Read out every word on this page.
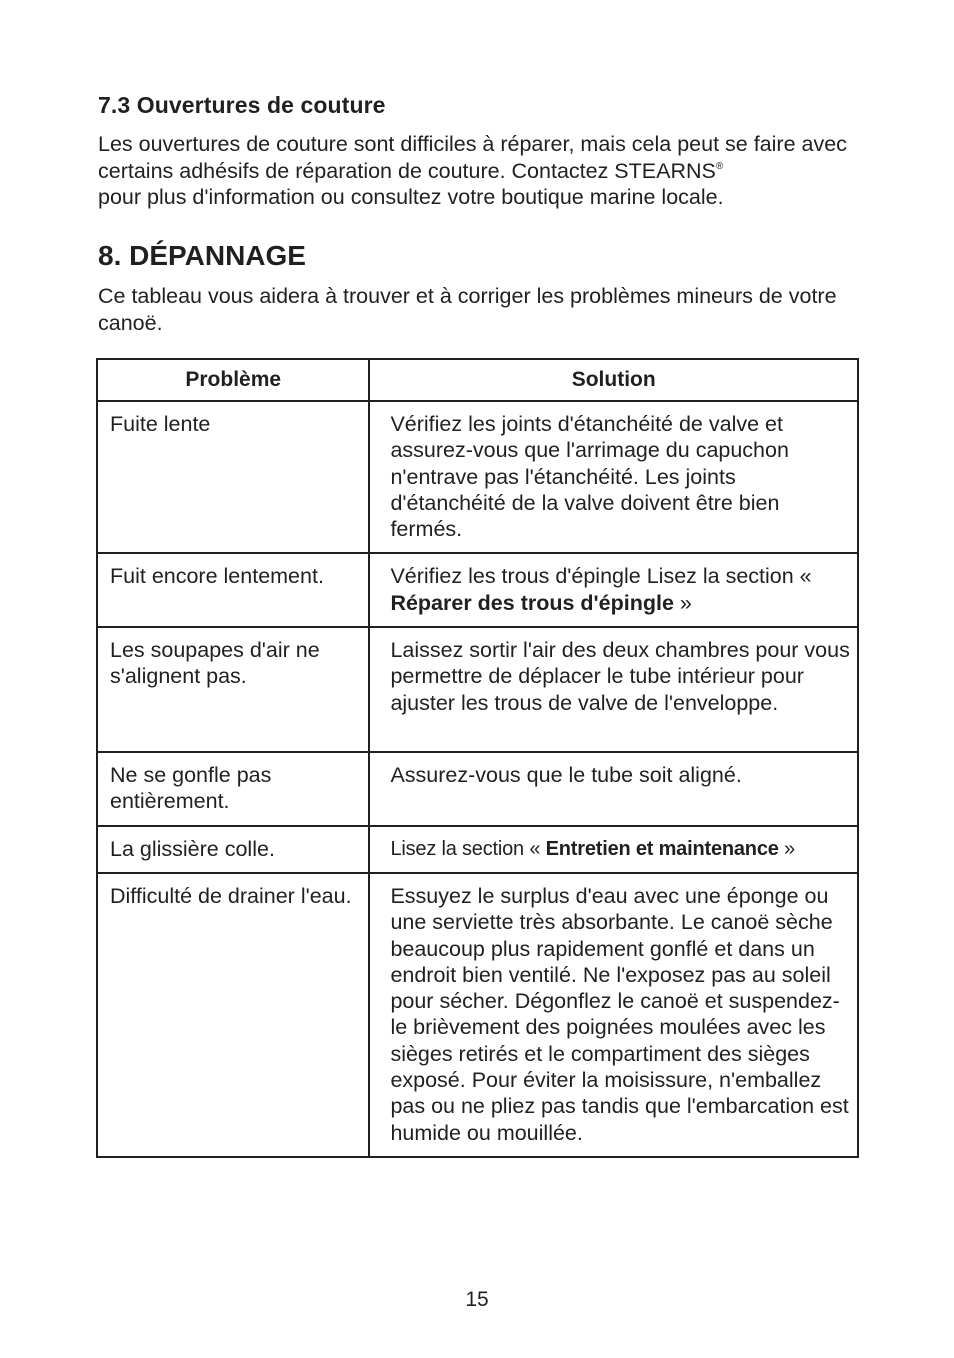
7.3 Ouvertures de couture

Les ouvertures de couture sont difficiles à réparer, mais cela peut se faire avec certains adhésifs de réparation de couture. Contactez STEARNS®
pour plus d'information ou consultez votre boutique marine locale.

8. DÉPANNAGE

Ce tableau vous aidera à trouver et à corriger les problèmes mineurs de votre canoë.

Problème	Solution

Fuite lente	Vérifiez les joints d'étanchéité de valve et assurez-vous que l'arrimage du capuchon n'entrave pas l'étanchéité. Les joints d'étanchéité de la valve doivent être bien fermés.

Fuit encore lentement.	Vérifiez les trous d'épingle Lisez la section « Réparer des trous d'épingle »

Les soupapes d'air ne s'alignent pas.	Laissez sortir l'air des deux chambres pour vous permettre de déplacer le tube intérieur pour ajuster les trous de valve de l'enveloppe.

Ne se gonfle pas entièrement.	Assurez-vous que le tube soit aligné.

La glissière colle.	Lisez la section « Entretien et maintenance »

Difficulté de drainer l'eau.	Essuyez le surplus d'eau avec une éponge ou une serviette très absorbante. Le canoë sèche beaucoup plus rapidement gonflé et dans un endroit bien ventilé. Ne l'exposez pas au soleil pour sécher. Dégonflez le canoë et suspendez-le brièvement des poignées moulées avec les sièges retirés et le compartiment des sièges exposé. Pour éviter la moisissure, n'emballez pas ou ne pliez pas tandis que l'embarcation est humide ou mouillée.
15
